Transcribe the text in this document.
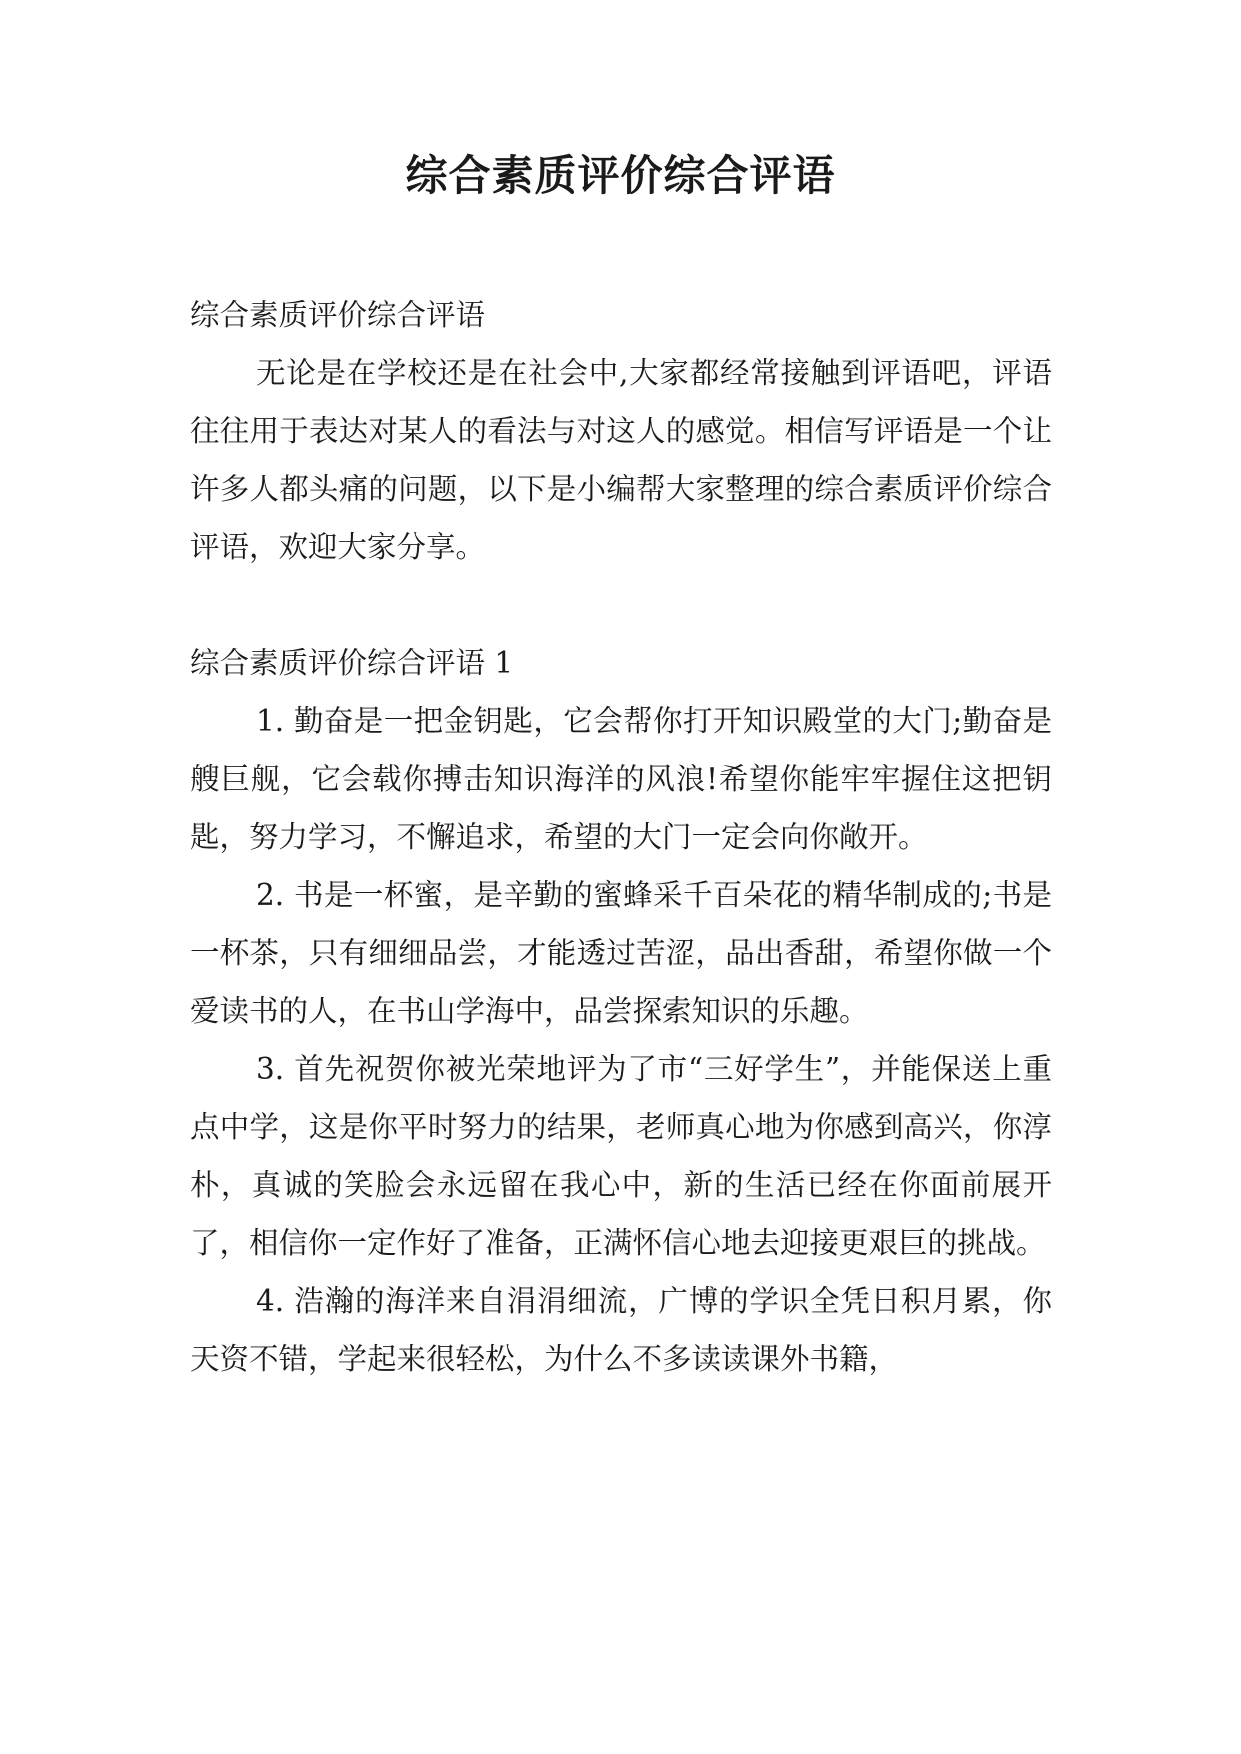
综合素质评价综合评语

综合素质评价综合评语

无论是在学校还是在社会中,大家都经常接触到评语吧，评语往往用于表达对某人的看法与对这人的感觉。相信写评语是一个让许多人都头痛的问题，以下是小编帮大家整理的综合素质评价综合评语，欢迎大家分享。

综合素质评价综合评语 1

1. 勤奋是一把金钥匙，它会帮你打开知识殿堂的大门;勤奋是艘巨舰，它会载你搏击知识海洋的风浪!希望你能牢牢握住这把钥匙，努力学习，不懈追求，希望的大门一定会向你敞开。

2. 书是一杯蜜，是辛勤的蜜蜂采千百朵花的精华制成的;书是一杯茶，只有细细品尝，才能透过苦涩，品出香甜，希望你做一个爱读书的人，在书山学海中，品尝探索知识的乐趣。

3. 首先祝贺你被光荣地评为了市“三好学生”，并能保送上重点中学，这是你平时努力的结果，老师真心地为你感到高兴，你淳朴，真诚的笑脸会永远留在我心中，新的生活已经在你面前展开了，相信你一定作好了准备，正满怀信心地去迎接更艰巨的挑战。

4. 浩瀚的海洋来自涓涓细流，广博的学识全凭日积月累，你天资不错，学起来很轻松，为什么不多读读课外书籍，
